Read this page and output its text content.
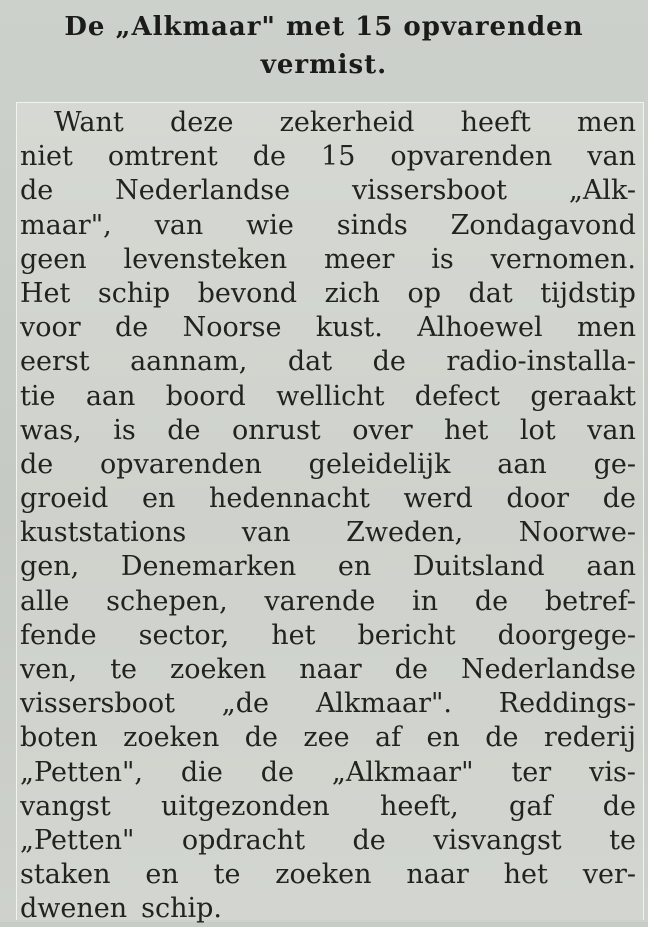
De „Alkmaar" met 15 opvarenden
vermist.
Want deze zekerheid heeft men
niet omtrent de 15 opvarenden van
de Nederlandse vissersboot „Alk-
maar", van wie sinds Zondagavond
geen levensteken meer is vernomen.
Het schip bevond zich op dat tijdstip
voor de Noorse kust. Alhoewel men
eerst aannam, dat de radio-installa-
tie aan boord wellicht defect geraakt
was, is de onrust over het lot van
de opvarenden geleidelijk aan ge-
groeid en hedennacht werd door de
kuststations van Zweden, Noorwe-
gen, Denemarken en Duitsland aan
alle schepen, varende in de betref-
fende sector, het bericht doorgege-
ven, te zoeken naar de Nederlandse
vissersboot „de Alkmaar". Reddings-
boten zoeken de zee af en de rederij
„Petten", die de „Alkmaar" ter vis-
vangst uitgezonden heeft, gaf de
„Petten" opdracht de visvangst te
staken en te zoeken naar het ver-
dwenen schip.
